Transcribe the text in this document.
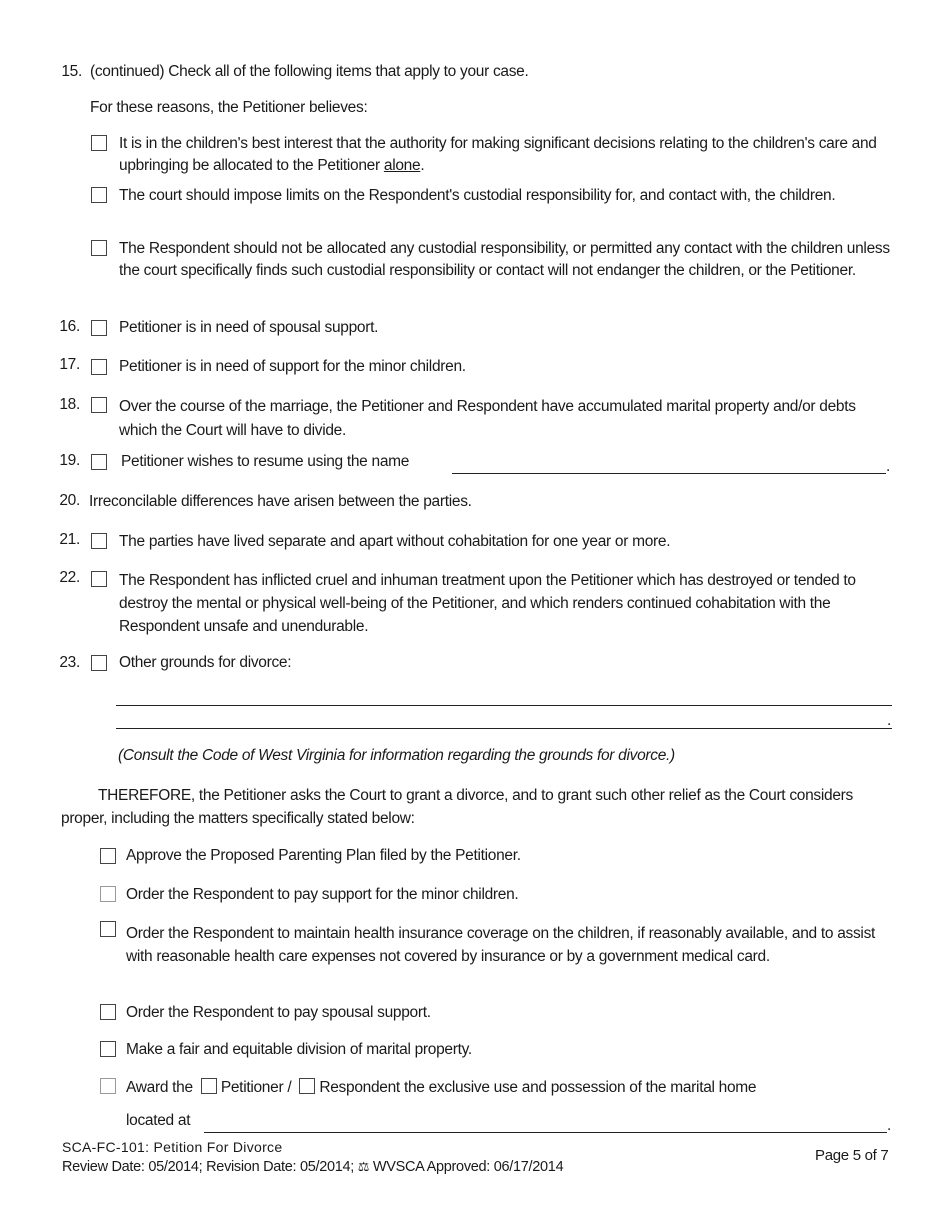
15. (continued) Check all of the following items that apply to your case.
For these reasons, the Petitioner believes:
It is in the children's best interest that the authority for making significant decisions relating to the children's care and upbringing be allocated to the Petitioner alone.
The court should impose limits on the Respondent's custodial responsibility for, and contact with, the children.
The Respondent should not be allocated any custodial responsibility, or permitted any contact with the children unless the court specifically finds such custodial responsibility or contact will not endanger the children, or the Petitioner.
16.	Petitioner is in need of spousal support.
17.	Petitioner is in need of support for the minor children.
18.	Over the course of the marriage, the Petitioner and Respondent have accumulated marital property and/or debts which the Court will have to divide.
19.	Petitioner wishes to resume using the name	.
20. Irreconcilable differences have arisen between the parties.
21.	The parties have lived separate and apart without cohabitation for one year or more.
22.	The Respondent has inflicted cruel and inhuman treatment upon the Petitioner which has destroyed or tended to destroy the mental or physical well-being of the Petitioner, and which renders continued cohabitation with the Respondent unsafe and unendurable.
23.	Other grounds for divorce:
.
(Consult the Code of West Virginia for information regarding the grounds for divorce.)
THEREFORE, the Petitioner asks the Court to grant a divorce, and to grant such other relief as the Court considers proper, including the matters specifically stated below:
Approve the Proposed Parenting Plan filed by the Petitioner.
Order the Respondent to pay support for the minor children.
Order the Respondent to maintain health insurance coverage on the children, if reasonably available, and to assist with reasonable health care expenses not covered by insurance or by a government medical card.
Order the Respondent to pay spousal support.
Make a fair and equitable division of marital property.
Award the Petitioner / Respondent the exclusive use and possession of the marital home
located at	.
SCA-FC-101: Petition For Divorce
Review Date: 05/2014; Revision Date: 05/2014; ⚖ WVSCA Approved: 06/17/2014
Page 5 of 7
